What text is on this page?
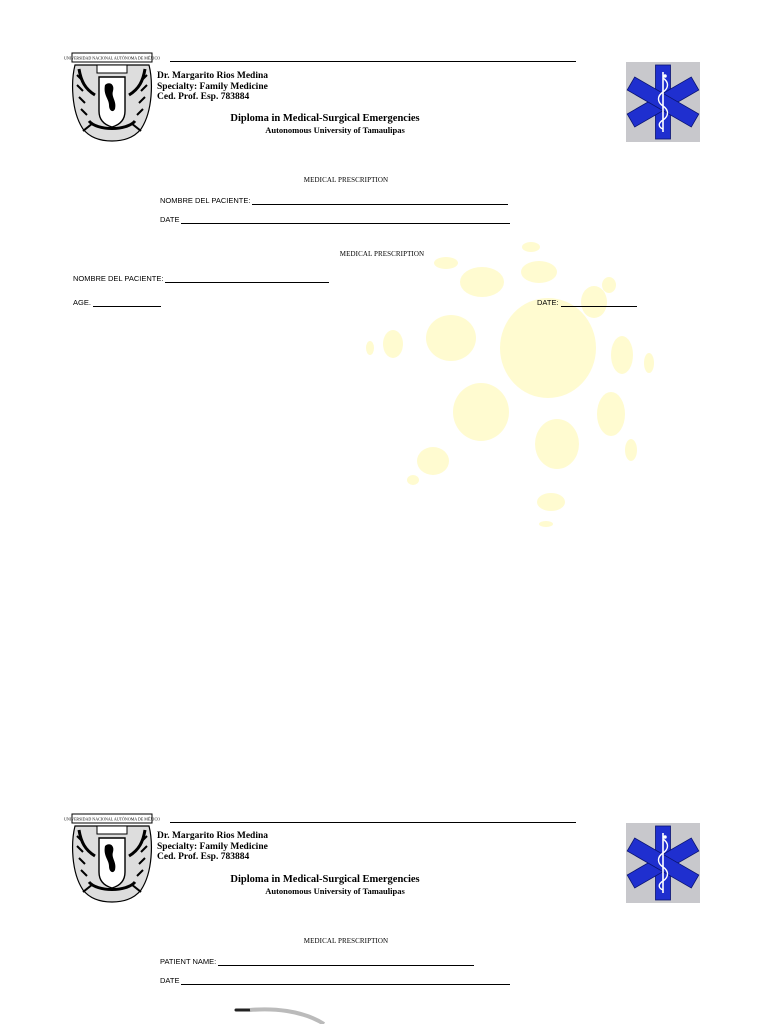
UNIVERSIDAD NACIONAL AUTÓNOMA DE MÉXICO
Dr. Margarito Rios Medina
Specialty: Family Medicine
Ced. Prof. Esp. 783884
Diploma in Medical-Surgical Emergencies
Autonomous University of Tamaulipas
MEDICAL PRESCRIPTION
NOMBRE DEL PACIENTE:
DATE
MEDICAL PRESCRIPTION
NOMBRE DEL PACIENTE:
AGE.	DATE:
UNIVERSIDAD NACIONAL AUTÓNOMA DE MÉXICO
Dr. Margarito Rios Medina
Specialty: Family Medicine
Ced. Prof. Esp. 783884
Diploma in Medical-Surgical Emergencies
Autonomous University of Tamaulipas
MEDICAL PRESCRIPTION
PATIENT NAME:
DATE
